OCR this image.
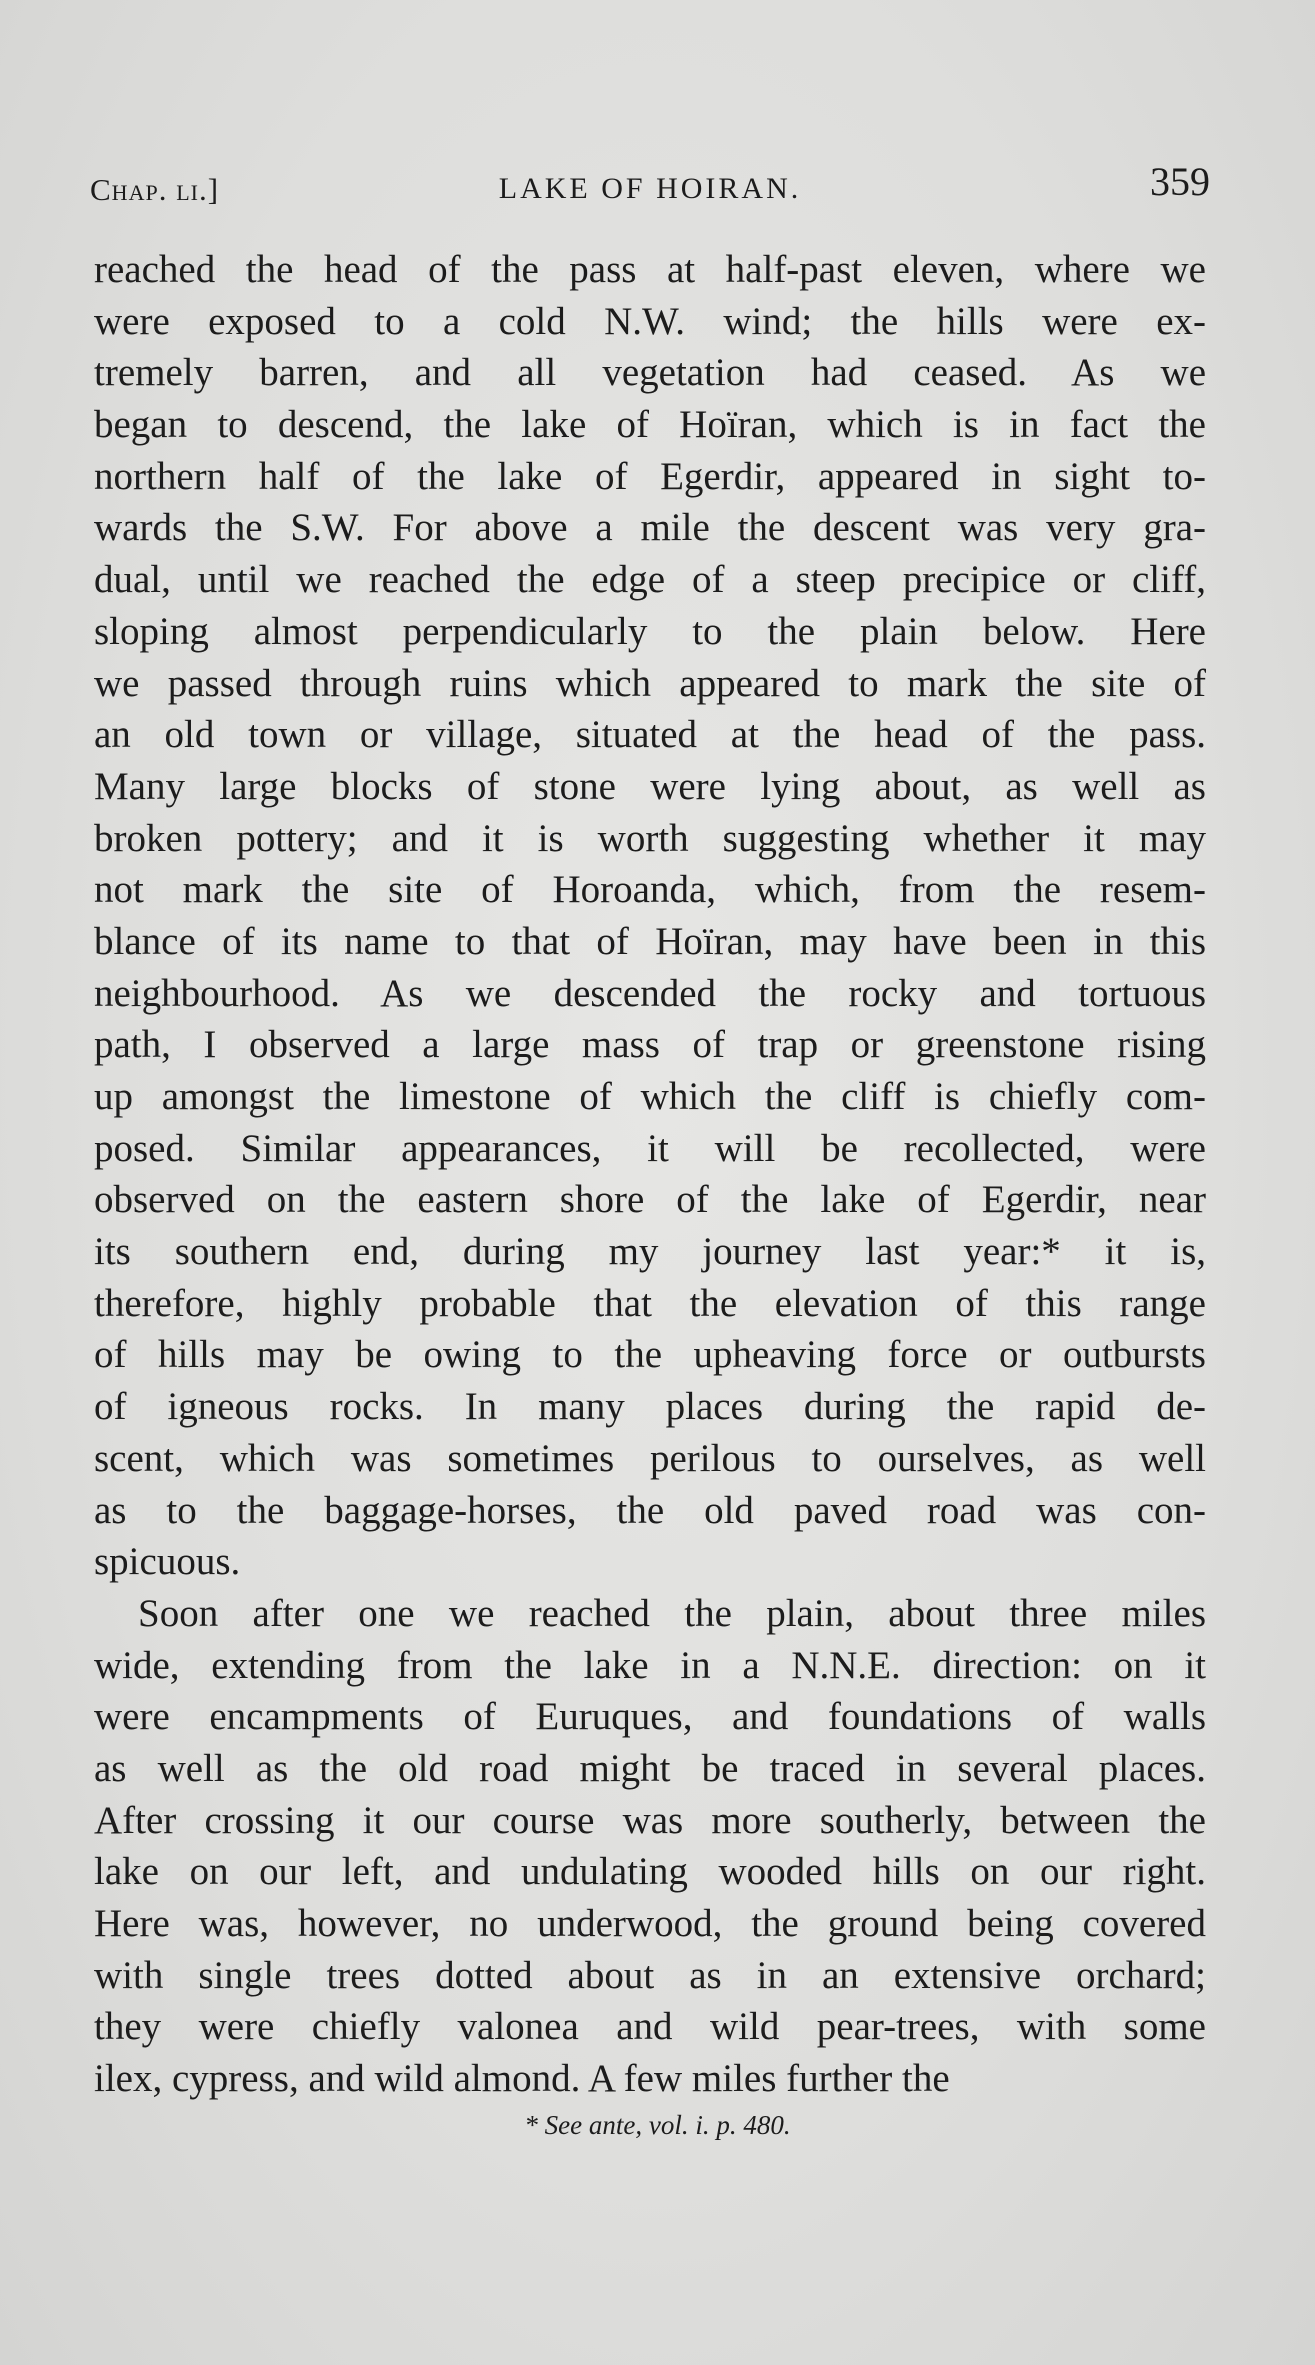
Chap. li.]	LAKE OF HOIRAN.	359

reached the head of the pass at half-past eleven, where we
were exposed to a cold N.W. wind; the hills were ex-
tremely barren, and all vegetation had ceased. As we
began to descend, the lake of Hoïran, which is in fact the
northern half of the lake of Egerdir, appeared in sight to-
wards the S.W. For above a mile the descent was very gra-
dual, until we reached the edge of a steep precipice or cliff,
sloping almost perpendicularly to the plain below. Here
we passed through ruins which appeared to mark the site of
an old town or village, situated at the head of the pass.
Many large blocks of stone were lying about, as well as
broken pottery; and it is worth suggesting whether it may
not mark the site of Horoanda, which, from the resem-
blance of its name to that of Hoïran, may have been in this
neighbourhood. As we descended the rocky and tortuous
path, I observed a large mass of trap or greenstone rising
up amongst the limestone of which the cliff is chiefly com-
posed. Similar appearances, it will be recollected, were
observed on the eastern shore of the lake of Egerdir, near
its southern end, during my journey last year:* it is,
therefore, highly probable that the elevation of this range
of hills may be owing to the upheaving force or outbursts
of igneous rocks. In many places during the rapid de-
scent, which was sometimes perilous to ourselves, as well
as to the baggage-horses, the old paved road was con-
spicuous.

Soon after one we reached the plain, about three miles
wide, extending from the lake in a N.N.E. direction: on it
were encampments of Euruques, and foundations of walls
as well as the old road might be traced in several places.
After crossing it our course was more southerly, between the
lake on our left, and undulating wooded hills on our right.
Here was, however, no underwood, the ground being covered
with single trees dotted about as in an extensive orchard;
they were chiefly valonea and wild pear-trees, with some
ilex, cypress, and wild almond. A few miles further the

* See ante, vol. i. p. 480.
